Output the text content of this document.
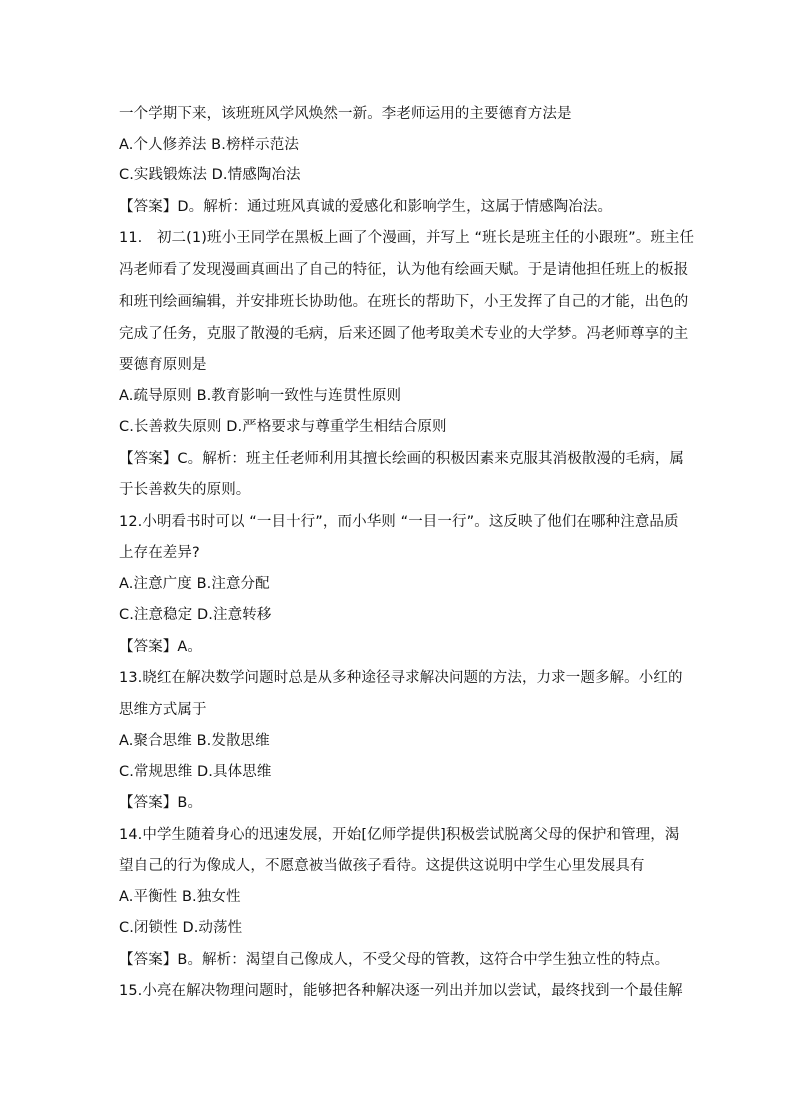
一个学期下来，该班班风学风焕然一新。李老师运用的主要德育方法是
A.个人修养法 B.榜样示范法
C.实践锻炼法 D.情感陶冶法
【答案】D。解析：通过班风真诚的爱感化和影响学生，这属于情感陶冶法。
11.　初二(1)班小王同学在黑板上画了个漫画，并写上 “班长是班主任的小跟班”。班主任
冯老师看了发现漫画真画出了自己的特征，认为他有绘画天赋。于是请他担任班上的板报
和班刊绘画编辑，并安排班长协助他。在班长的帮助下，小王发挥了自己的才能，出色的
完成了任务，克服了散漫的毛病，后来还圆了他考取美术专业的大学梦。冯老师尊享的主
要德育原则是
A.疏导原则 B.教育影响一致性与连贯性原则
C.长善救失原则 D.严格要求与尊重学生相结合原则
【答案】C。解析：班主任老师利用其擅长绘画的积极因素来克服其消极散漫的毛病，属
于长善救失的原则。
12.小明看书时可以 “一目十行”，而小华则 “一目一行”。这反映了他们在哪种注意品质
上存在差异?
A.注意广度 B.注意分配
C.注意稳定 D.注意转移
【答案】A。
13.晓红在解决数学问题时总是从多种途径寻求解决问题的方法，力求一题多解。小红的
思维方式属于
A.聚合思维 B.发散思维
C.常规思维 D.具体思维
【答案】B。
14.中学生随着身心的迅速发展，开始[亿师学提供]积极尝试脱离父母的保护和管理，渴
望自己的行为像成人，不愿意被当做孩子看待。这提供这说明中学生心里发展具有
A.平衡性 B.独女性
C.闭锁性 D.动荡性
【答案】B。解析：渴望自己像成人，不受父母的管教，这符合中学生独立性的特点。
15.小亮在解决物理问题时，能够把各种解决逐一列出并加以尝试，最终找到一个最佳解
